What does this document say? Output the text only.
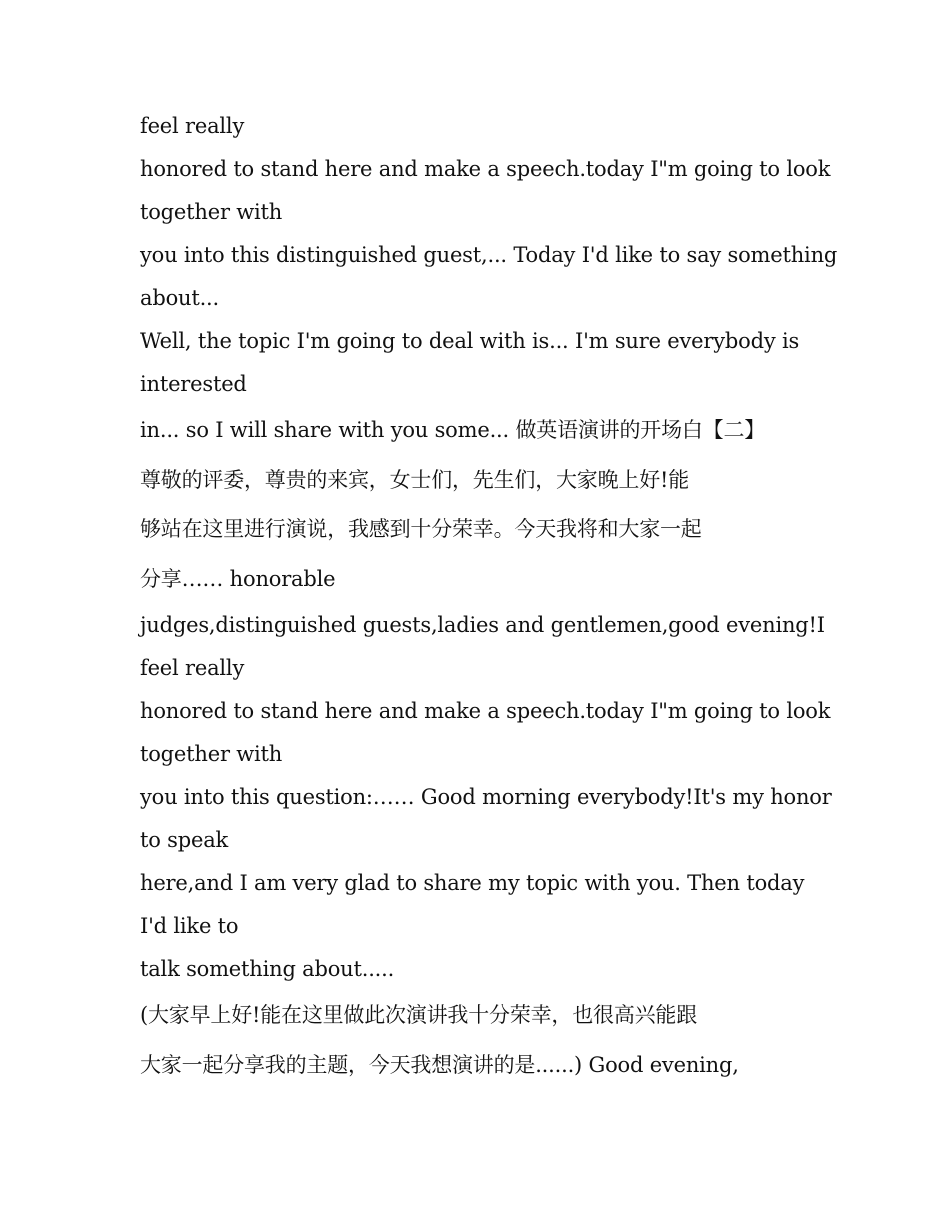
feel really
honored to stand here and make a speech.today I"m going to look
together with
you into this distinguished guest,... Today I'd like to say something
about...
Well, the topic I'm going to deal with is... I'm sure everybody is
interested
in... so I will share with you some... 做英语演讲的开场白【二】
尊敬的评委，尊贵的来宾，女士们，先生们，大家晚上好!能
够站在这里进行演说，我感到十分荣幸。今天我将和大家一起
分享…… honorable
judges,distinguished guests,ladies and gentlemen,good evening!I
feel really
honored to stand here and make a speech.today I"m going to look
together with
you into this question:…… Good morning everybody!It's my honor
to speak
here,and I am very glad to share my topic with you. Then today
I'd like to
talk something about.....
(大家早上好!能在这里做此次演讲我十分荣幸，也很高兴能跟
大家一起分享我的主题，今天我想演讲的是......) Good evening,
